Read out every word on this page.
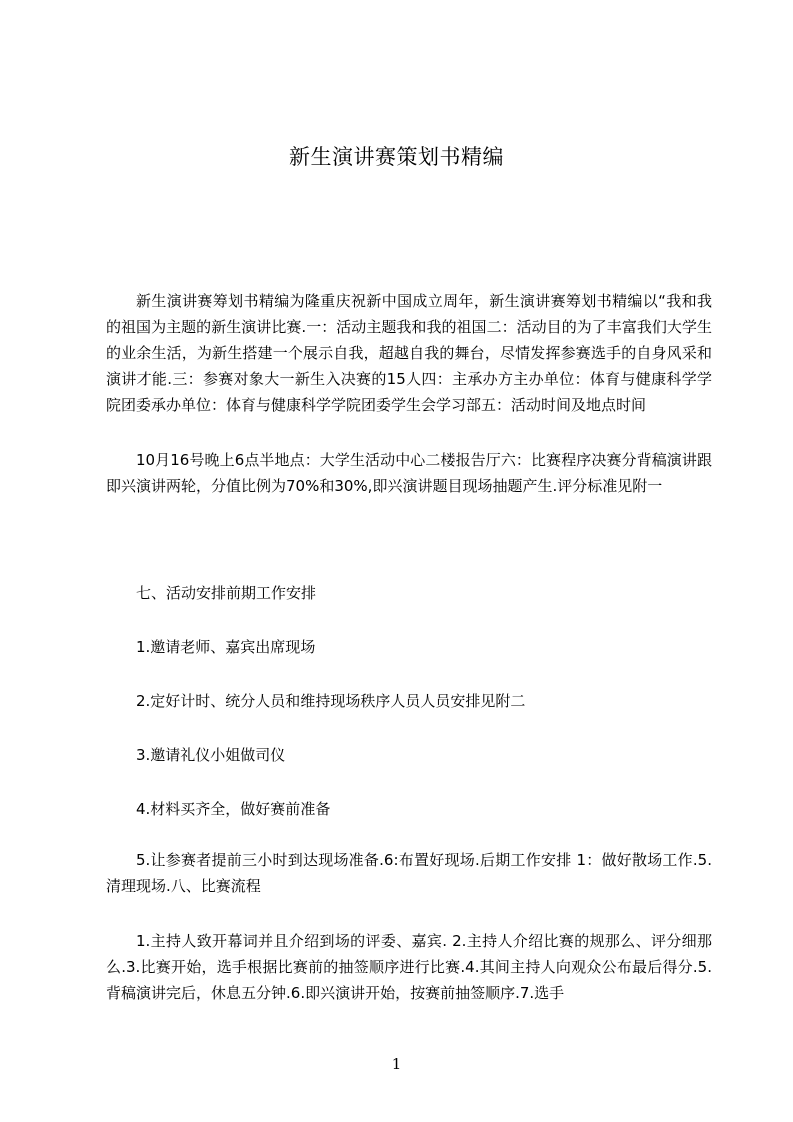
新生演讲赛策划书精编

新生演讲赛筹划书精编为隆重庆祝新中国成立周年，新生演讲赛筹划书精编以“我和我的祖国为主题的新生演讲比赛.一：活动主题我和我的祖国二：活动目的为了丰富我们大学生的业余生活，为新生搭建一个展示自我，超越自我的舞台，尽情发挥参赛选手的自身风采和演讲才能.三：参赛对象大一新生入决赛的15人四：主承办方主办单位：体育与健康科学学院团委承办单位：体育与健康科学学院团委学生会学习部五：活动时间及地点时间

10月16号晚上6点半地点：大学生活动中心二楼报告厅六：比赛程序决赛分背稿演讲跟即兴演讲两轮，分值比例为70%和30%,即兴演讲题目现场抽题产生.评分标准见附一

七、活动安排前期工作安排

1.邀请老师、嘉宾出席现场

2.定好计时、统分人员和维持现场秩序人员人员安排见附二

3.邀请礼仪小姐做司仪

4.材料买齐全，做好赛前准备

5.让参赛者提前三小时到达现场准备.6:布置好现场.后期工作安排 1：做好散场工作.5.清理现场.八、比赛流程

1.主持人致开幕词并且介绍到场的评委、嘉宾. 2.主持人介绍比赛的规那么、评分细那么.3.比赛开始，选手根据比赛前的抽签顺序进行比赛.4.其间主持人向观众公布最后得分.5.背稿演讲完后，休息五分钟.6.即兴演讲开始，按赛前抽签顺序.7.选手

1
